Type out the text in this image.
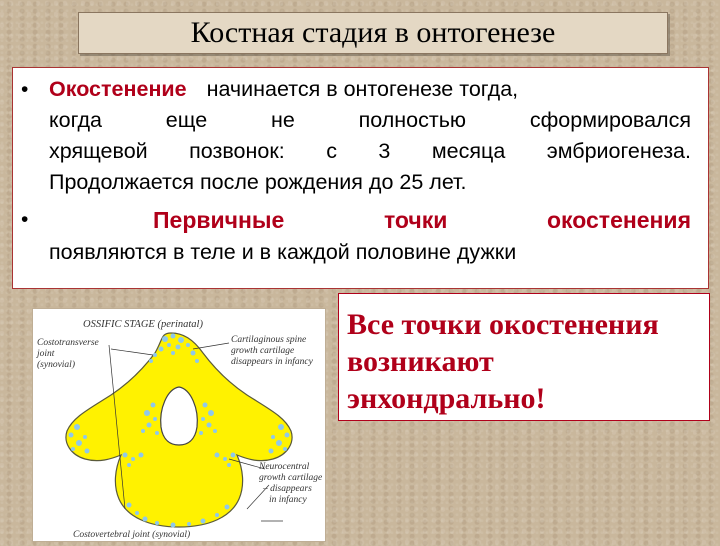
Костная стадия в онтогенезе
• Окостенение начинается в онтогенезе тогда,
когда еще не полностью сформировался
хрящевой позвонок: с 3 месяца эмбриогенеза.
Продолжается после рождения до 25 лет.
•	Первичные точки окостенения
появляются в теле и в каждой половине дужки
OSSIFIC STAGE (perinatal)
Costotransverse
joint
(synovial)
Cartilaginous spine
growth cartilage
disappears in infancy
Neurocentral
growth cartilage
– disappears
in infancy
Costovertebral joint (synovial)
Все точки окостенения
возникают
энхондрально!
